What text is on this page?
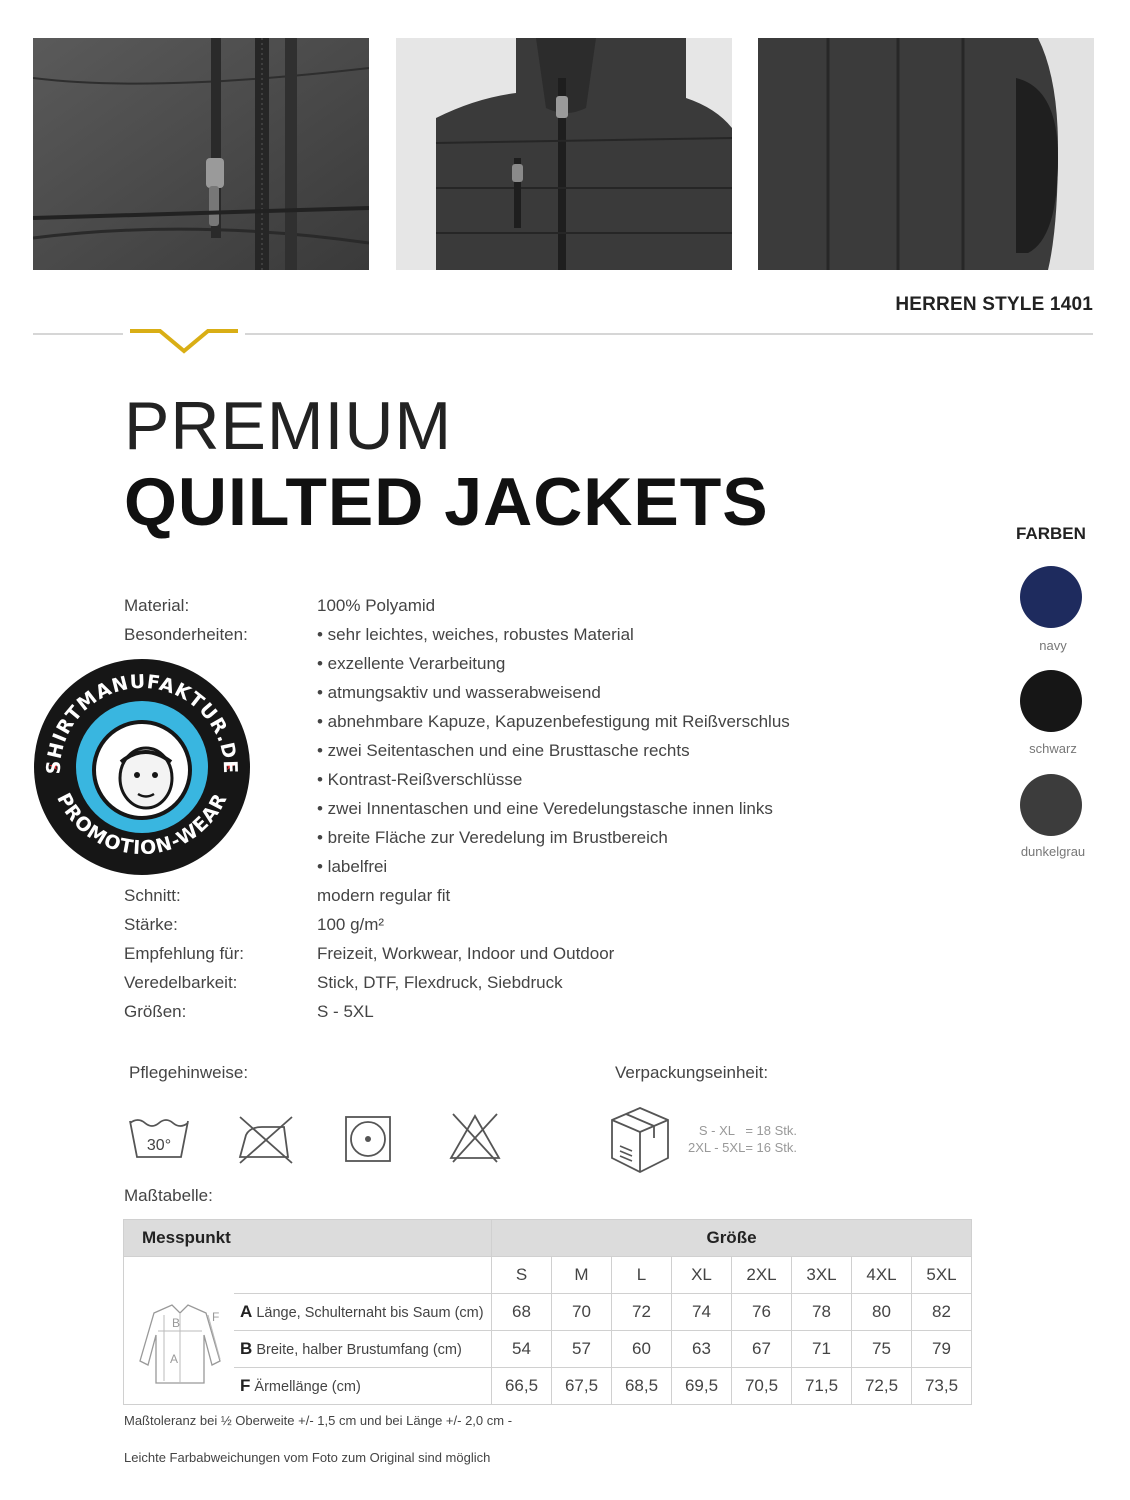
HERREN STYLE 1401
PREMIUM
QUILTED JACKETS	FARBEN
navy
schwarz
dunkelgrau
Material:	100% Polyamid
Besonderheiten:	• sehr leichtes, weiches, robustes Material
• exzellente Verarbeitung
• atmungsaktiv und wasserabweisend
• abnehmbare Kapuze, Kapuzenbefestigung mit Reißverschlus
• zwei Seitentaschen und eine Brusttasche rechts
• Kontrast-Reißverschlüsse
• zwei Innentaschen und eine Veredelungstasche innen links
• breite Fläche zur Veredelung im Brustbereich
• labelfrei
Schnitt:	modern regular fit
Stärke:	100 g/m²
Empfehlung für:	Freizeit, Workwear, Indoor und Outdoor
Veredelbarkeit:	Stick, DTF, Flexdruck, Siebdruck
Größen:	S - 5XL
SHIRTMANUFAKTUR.DE
PROMOTION-WEAR
Pflegehinweise:
30°
Verpackungseinheit:
S - XL   = 18 Stk.
2XL - 5XL= 16 Stk.
Maßtabelle:
Messpunkt		Größe							

A
B F		S	M	L	XL	2XL	3XL	4XL	5XL
	A Länge, Schulternaht bis Saum (cm)	68	70	72	74	76	78	80	82
	B Breite, halber Brustumfang (cm)	54	57	60	63	67	71	75	79
	F Ärmellänge (cm)	66,5	67,5	68,5	69,5	70,5	71,5	72,5	73,5
Maßtoleranz bei ½ Oberweite +/- 1,5 cm und bei Länge +/- 2,0 cm -
Leichte Farbabweichungen vom Foto zum Original sind möglich
